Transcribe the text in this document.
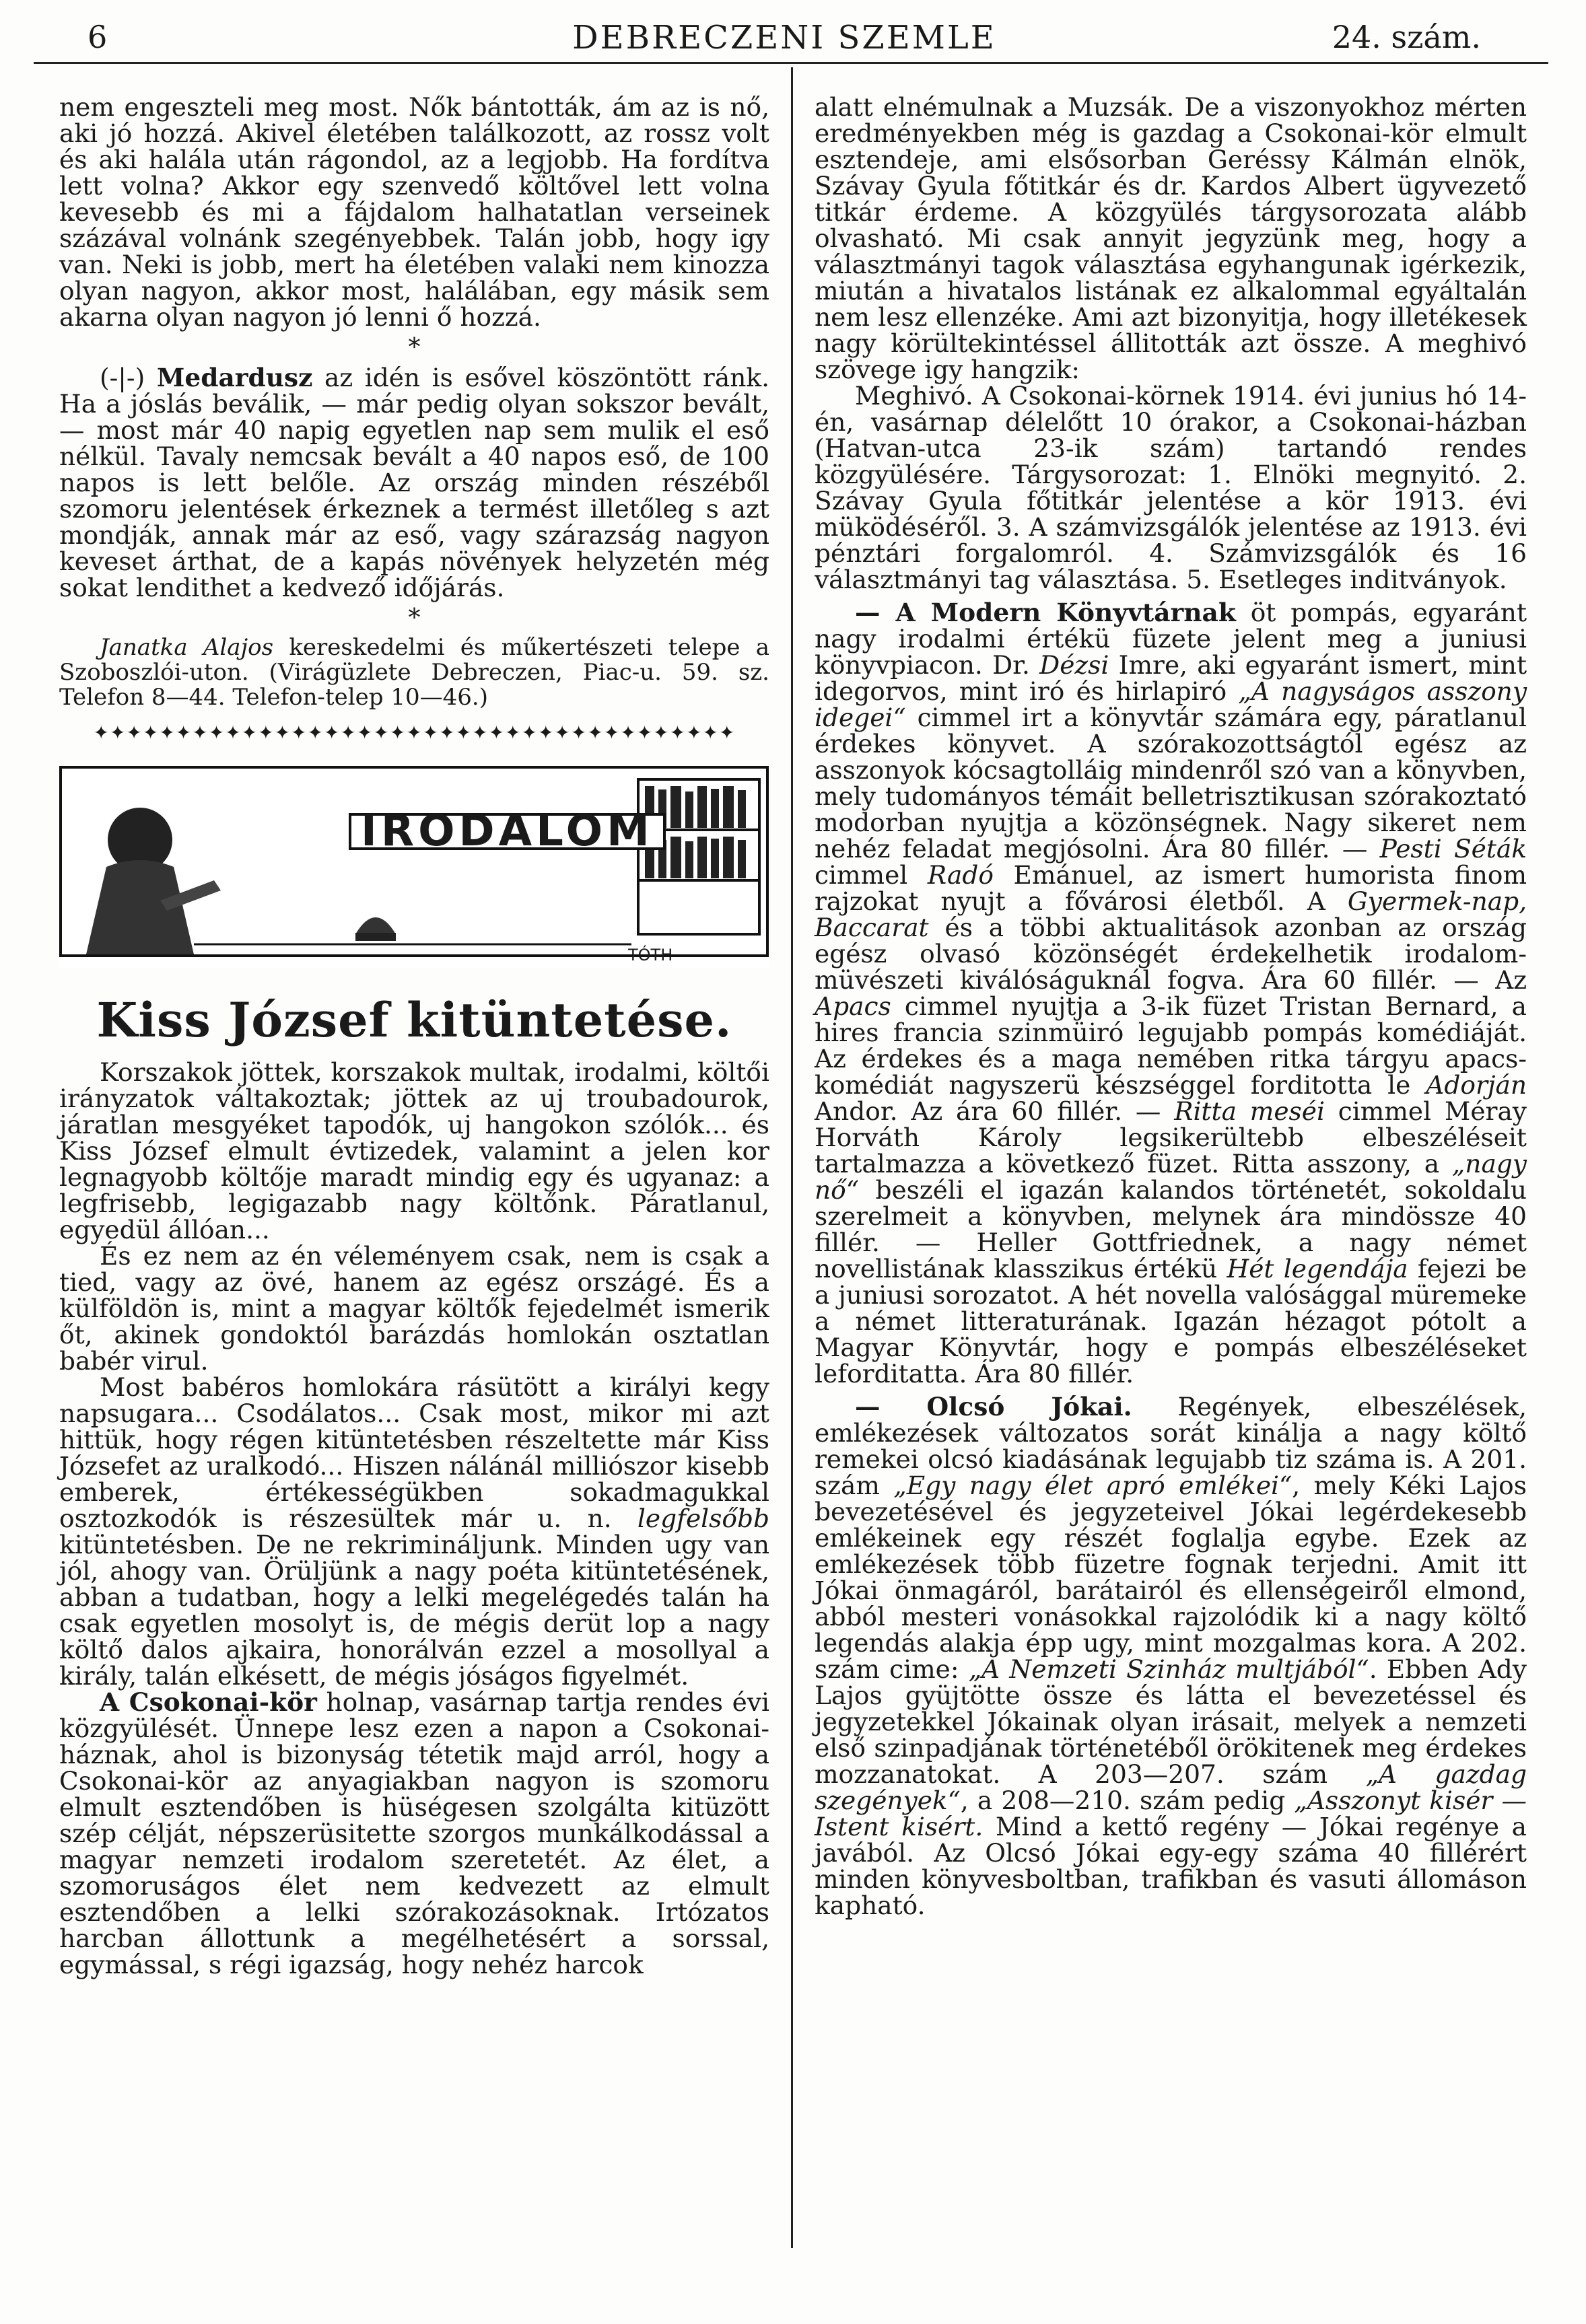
6	DEBRECZENI SZEMLE	24. szám.

nem engeszteli meg most. Nők bántották, ám az is nő, aki jó hozzá. Akivel életében találkozott, az rossz volt és aki halála után rágondol, az a legjobb. Ha fordítva lett volna? Akkor egy szenvedő költővel lett volna kevesebb és mi a fájdalom halhatatlan verseinek százával volnánk szegényebbek. Talán jobb, hogy igy van. Neki is jobb, mert ha életében valaki nem kinozza olyan nagyon, akkor most, halálában, egy másik sem akarna olyan nagyon jó lenni ő hozzá.

*

(-|-) Medardusz az idén is esővel köszöntött ránk. Ha a jóslás beválik, — már pedig olyan sokszor bevált, — most már 40 napig egyetlen nap sem mulik el eső nélkül. Tavaly nemcsak bevált a 40 napos eső, de 100 napos is lett belőle. Az ország minden részéből szomoru jelentések érkeznek a termést illetőleg s azt mondják, annak már az eső, vagy szárazság nagyon keveset árthat, de a kapás növények helyzetén még sokat lendithet a kedvező időjárás.

*

Janatka Alajos kereskedelmi és műkertészeti telepe a Szoboszlói-uton. (Virágüzlete Debreczen, Piac-u. 59. sz. Telefon 8—44. Telefon-telep 10—46.)

✦✦✦✦✦✦✦✦✦✦✦✦✦✦✦✦✦✦✦✦✦✦✦✦✦✦✦✦✦✦✦✦✦✦✦✦✦✦✦
IRODALOM
TÓTH
Kiss József kitüntetése.

Korszakok jöttek, korszakok multak, irodalmi, költői irányzatok váltakoztak; jöttek az uj troubadourok, járatlan mesgyéket tapodók, uj hangokon szólók... és Kiss József elmult évtizedek, valamint a jelen kor legnagyobb költője maradt mindig egy és ugyanaz: a legfrisebb, legigazabb nagy költőnk. Páratlanul, egyedül állóan...

És ez nem az én véleményem csak, nem is csak a tied, vagy az övé, hanem az egész országé. És a külföldön is, mint a magyar költők fejedelmét ismerik őt, akinek gondoktól barázdás homlokán osztatlan babér virul.

Most babéros homlokára rásütött a királyi kegy napsugara... Csodálatos... Csak most, mikor mi azt hittük, hogy régen kitüntetésben részeltette már Kiss Józsefet az uralkodó... Hiszen nálánál milliószor kisebb emberek, értékességükben sokadmagukkal osztozkodók is részesültek már u. n. legfelsőbb kitüntetésben. De ne rekrimináljunk. Minden ugy van jól, ahogy van. Örüljünk a nagy poéta kitüntetésének, abban a tudatban, hogy a lelki megelégedés talán ha csak egyetlen mosolyt is, de mégis derüt lop a nagy költő dalos ajkaira, honorálván ezzel a mosollyal a király, talán elkésett, de mégis jóságos figyelmét.

A Csokonai-kör holnap, vasárnap tartja rendes évi közgyülését. Ünnepe lesz ezen a napon a Csokonai-háznak, ahol is bizonyság tétetik majd arról, hogy a Csokonai-kör az anyagiakban nagyon is szomoru elmult esztendőben is hüségesen szolgálta kitüzött szép célját, népszerüsitette szorgos munkálkodással a magyar nemzeti irodalom szeretetét. Az élet, a szomoruságos élet nem kedvezett az elmult esztendőben a lelki szórakozásoknak. Irtózatos harcban állottunk a megélhetésért a sorssal, egymással, s régi igazság, hogy nehéz harcok

alatt elnémulnak a Muzsák. De a viszonyokhoz mérten eredményekben még is gazdag a Csokonai-kör elmult esztendeje, ami elsősorban Geréssy Kálmán elnök, Szávay Gyula főtitkár és dr. Kardos Albert ügyvezető titkár érdeme. A közgyülés tárgysorozata alább olvasható. Mi csak annyit jegyzünk meg, hogy a választmányi tagok választása egyhangunak igérkezik, miután a hivatalos listának ez alkalommal egyáltalán nem lesz ellenzéke. Ami azt bizonyitja, hogy illetékesek nagy körültekintéssel állitották azt össze. A meghivó szövege igy hangzik:

Meghivó. A Csokonai-körnek 1914. évi junius hó 14-én, vasárnap délelőtt 10 órakor, a Csokonai-házban (Hatvan-utca 23-ik szám) tartandó rendes közgyülésére. Tárgysorozat: 1. Elnöki megnyitó. 2. Szávay Gyula főtitkár jelentése a kör 1913. évi müködéséről. 3. A számvizsgálók jelentése az 1913. évi pénztári forgalomról. 4. Számvizsgálók és 16 választmányi tag választása. 5. Esetleges inditványok.

— A Modern Könyvtárnak öt pompás, egyaránt nagy irodalmi értékü füzete jelent meg a juniusi könyvpiacon. Dr. Dézsi Imre, aki egyaránt ismert, mint idegorvos, mint iró és hirlapiró „A nagyságos asszony idegei“ cimmel irt a könyvtár számára egy, páratlanul érdekes könyvet. A szórakozottságtól egész az asszonyok kócsagtolláig mindenről szó van a könyvben, mely tudományos témáit belletrisztikusan szórakoztató modorban nyujtja a közönségnek. Nagy sikeret nem nehéz feladat megjósolni. Ára 80 fillér. — Pesti Séták cimmel Radó Emánuel, az ismert humorista finom rajzokat nyujt a fővárosi életből. A Gyermek-nap, Baccarat és a többi aktualitások azonban az ország egész olvasó közönségét érdekelhetik irodalom-müvészeti kiválóságuknál fogva. Ára 60 fillér. — Az Apacs cimmel nyujtja a 3-ik füzet Tristan Bernard, a hires francia szinmüiró legujabb pompás komédiáját. Az érdekes és a maga nemében ritka tárgyu apacs-komédiát nagyszerü készséggel forditotta le Adorján Andor. Az ára 60 fillér. — Ritta meséi cimmel Méray Horváth Károly legsikerültebb elbeszéléseit tartalmazza a következő füzet. Ritta asszony, a „nagy nő“ beszéli el igazán kalandos történetét, sokoldalu szerelmeit a könyvben, melynek ára mindössze 40 fillér. — Heller Gottfriednek, a nagy német novellistának klasszikus értékü Hét legendája fejezi be a juniusi sorozatot. A hét novella valósággal müremeke a német litteraturának. Igazán hézagot pótolt a Magyar Könyvtár, hogy e pompás elbeszéléseket leforditatta. Ára 80 fillér.

— Olcsó Jókai. Regények, elbeszélések, emlékezések változatos sorát kinálja a nagy költő remekei olcsó kiadásának legujabb tiz száma is. A 201. szám „Egy nagy élet apró emlékei“, mely Kéki Lajos bevezetésével és jegyzeteivel Jókai legérdekesebb emlékeinek egy részét foglalja egybe. Ezek az emlékezések több füzetre fognak terjedni. Amit itt Jókai önmagáról, barátairól és ellenségeiről elmond, abból mesteri vonásokkal rajzolódik ki a nagy költő legendás alakja épp ugy, mint mozgalmas kora. A 202. szám cime: „A Nemzeti Szinház multjából“. Ebben Ady Lajos gyüjtötte össze és látta el bevezetéssel és jegyzetekkel Jókainak olyan irásait, melyek a nemzeti első szinpadjának történetéből örökitenek meg érdekes mozzanatokat. A 203—207. szám „A gazdag szegények“, a 208—210. szám pedig „Asszonyt kisér — Istent kisért. Mind a kettő regény — Jókai regénye a javából. Az Olcsó Jókai egy-egy száma 40 fillérért minden könyvesboltban, trafikban és vasuti állomáson kapható.
